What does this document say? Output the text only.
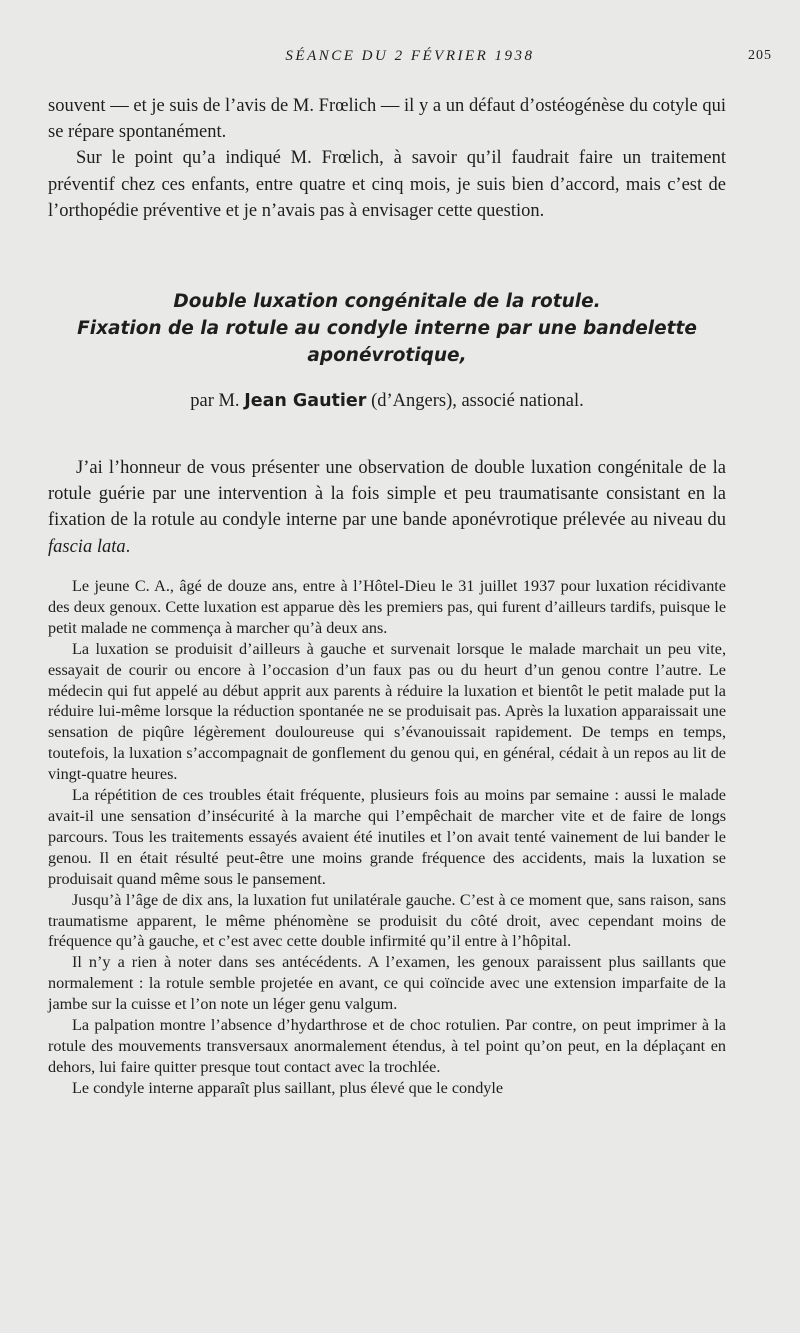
SÉANCE DU 2 FÉVRIER 1938	205

souvent — et je suis de l’avis de M. Frœlich — il y a un défaut d’ostéogénèse du cotyle qui se répare spontanément.

Sur le point qu’a indiqué M. Frœlich, à savoir qu’il faudrait faire un traitement préventif chez ces enfants, entre quatre et cinq mois, je suis bien d’accord, mais c’est de l’orthopédie préventive et je n’avais pas à envisager cette question.

Double luxation congénitale de la rotule.
Fixation de la rotule au condyle interne par une bandelette aponévrotique,
par M. Jean Gautier (d’Angers), associé national.

J’ai l’honneur de vous présenter une observation de double luxation congénitale de la rotule guérie par une intervention à la fois simple et peu traumatisante consistant en la fixation de la rotule au condyle interne par une bande aponévrotique prélevée au niveau du fascia lata.

Le jeune C. A., âgé de douze ans, entre à l’Hôtel-Dieu le 31 juillet 1937 pour luxation récidivante des deux genoux. Cette luxation est apparue dès les premiers pas, qui furent d’ailleurs tardifs, puisque le petit malade ne commença à marcher qu’à deux ans.

La luxation se produisit d’ailleurs à gauche et survenait lorsque le malade marchait un peu vite, essayait de courir ou encore à l’occasion d’un faux pas ou du heurt d’un genou contre l’autre. Le médecin qui fut appelé au début apprit aux parents à réduire la luxation et bientôt le petit malade put la réduire lui-même lorsque la réduction spontanée ne se produisait pas. Après la luxation apparaissait une sensation de piqûre légèrement douloureuse qui s’évanouissait rapidement. De temps en temps, toutefois, la luxation s’accompagnait de gonflement du genou qui, en général, cédait à un repos au lit de vingt-quatre heures.

La répétition de ces troubles était fréquente, plusieurs fois au moins par semaine : aussi le malade avait-il une sensation d’insécurité à la marche qui l’empêchait de marcher vite et de faire de longs parcours. Tous les traitements essayés avaient été inutiles et l’on avait tenté vainement de lui bander le genou. Il en était résulté peut-être une moins grande fréquence des accidents, mais la luxation se produisait quand même sous le pansement.

Jusqu’à l’âge de dix ans, la luxation fut unilatérale gauche. C’est à ce moment que, sans raison, sans traumatisme apparent, le même phénomène se produisit du côté droit, avec cependant moins de fréquence qu’à gauche, et c’est avec cette double infirmité qu’il entre à l’hôpital.

Il n’y a rien à noter dans ses antécédents. A l’examen, les genoux paraissent plus saillants que normalement : la rotule semble projetée en avant, ce qui coïncide avec une extension imparfaite de la jambe sur la cuisse et l’on note un léger genu valgum.

La palpation montre l’absence d’hydarthrose et de choc rotulien. Par contre, on peut imprimer à la rotule des mouvements transversaux anormalement étendus, à tel point qu’on peut, en la déplaçant en dehors, lui faire quitter presque tout contact avec la trochlée.

Le condyle interne apparaît plus saillant, plus élevé que le condyle
